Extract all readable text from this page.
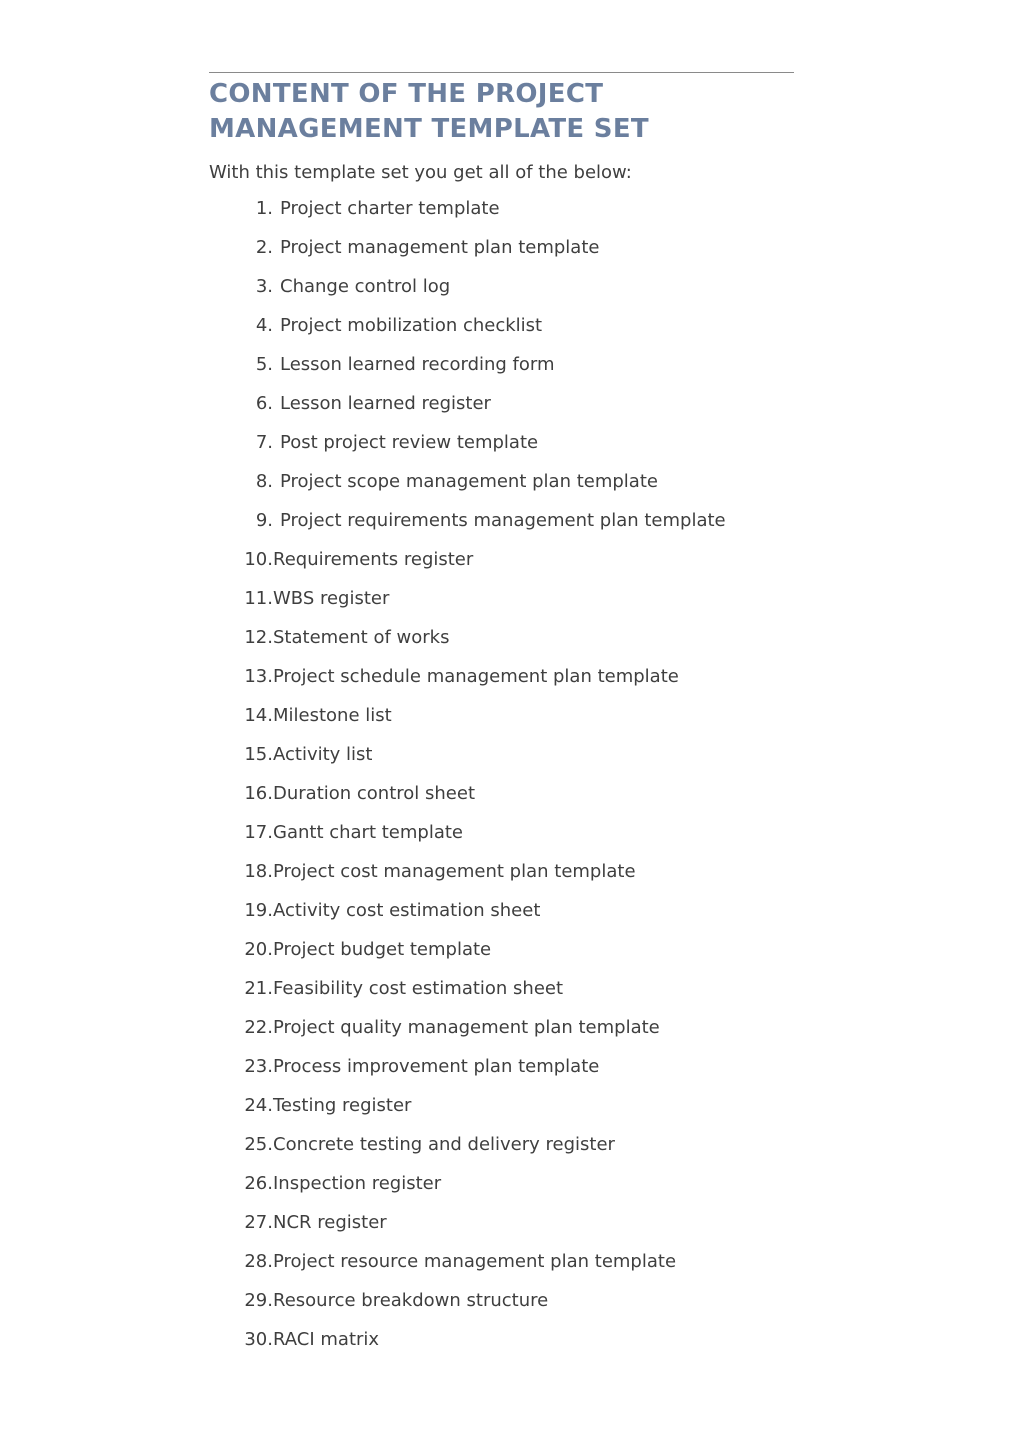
CONTENT OF THE PROJECT
MANAGEMENT TEMPLATE SET

With this template set you get all of the below:

1. Project charter template
2. Project management plan template
3. Change control log
4. Project mobilization checklist
5. Lesson learned recording form
6. Lesson learned register
7. Post project review template
8. Project scope management plan template
9. Project requirements management plan template
10. Requirements register
11. WBS register
12. Statement of works
13. Project schedule management plan template
14. Milestone list
15. Activity list
16. Duration control sheet
17. Gantt chart template
18. Project cost management plan template
19. Activity cost estimation sheet
20. Project budget template
21. Feasibility cost estimation sheet
22. Project quality management plan template
23. Process improvement plan template
24. Testing register
25. Concrete testing and delivery register
26. Inspection register
27. NCR register
28. Project resource management plan template
29. Resource breakdown structure
30. RACI matrix
